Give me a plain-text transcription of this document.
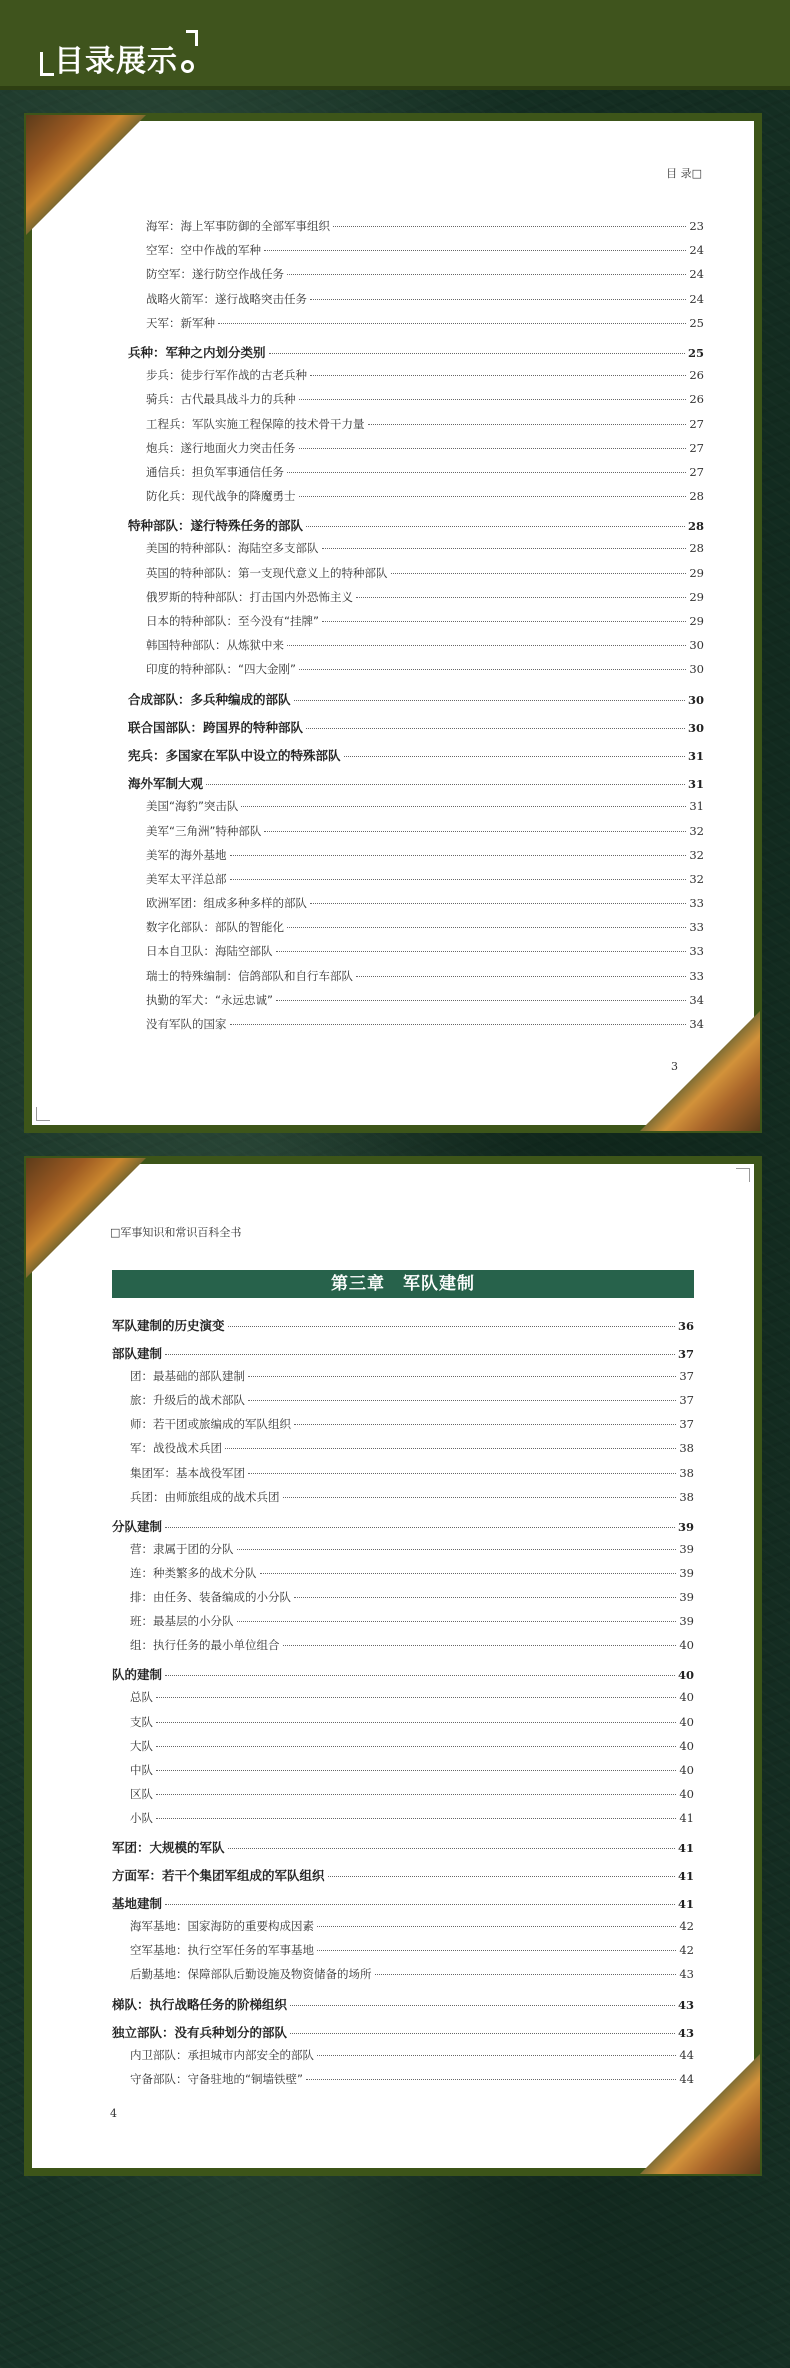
目录展示
目 录□
海军：海上军事防御的全部军事组织	23
空军：空中作战的军种	24
防空军：遂行防空作战任务	24
战略火箭军：遂行战略突击任务	24
天军：新军种	25
兵种：军种之内划分类别	25
步兵：徒步行军作战的古老兵种	26
骑兵：古代最具战斗力的兵种	26
工程兵：军队实施工程保障的技术骨干力量	27
炮兵：遂行地面火力突击任务	27
通信兵：担负军事通信任务	27
防化兵：现代战争的降魔勇士	28
特种部队：遂行特殊任务的部队	28
美国的特种部队：海陆空多支部队	28
英国的特种部队：第一支现代意义上的特种部队	29
俄罗斯的特种部队：打击国内外恐怖主义	29
日本的特种部队：至今没有“挂牌”	29
韩国特种部队：从炼狱中来	30
印度的特种部队：“四大金刚”	30
合成部队：多兵种编成的部队	30
联合国部队：跨国界的特种部队	30
宪兵：多国家在军队中设立的特殊部队	31
海外军制大观	31
美国“海豹”突击队	31
美军“三角洲”特种部队	32
美军的海外基地	32
美军太平洋总部	32
欧洲军团：组成多种多样的部队	33
数字化部队：部队的智能化	33
日本自卫队：海陆空部队	33
瑞士的特殊编制：信鸽部队和自行车部队	33
执勤的军犬：“永远忠诚”	34
没有军队的国家	34
3
□军事知识和常识百科全书
第三章　军队建制
军队建制的历史演变	36
部队建制	37
团：最基础的部队建制	37
旅：升级后的战术部队	37
师：若干团或旅编成的军队组织	37
军：战役战术兵团	38
集团军：基本战役军团	38
兵团：由师旅组成的战术兵团	38
分队建制	39
营：隶属于团的分队	39
连：种类繁多的战术分队	39
排：由任务、装备编成的小分队	39
班：最基层的小分队	39
组：执行任务的最小单位组合	40
队的建制	40
总队	40
支队	40
大队	40
中队	40
区队	40
小队	41
军团：大规模的军队	41
方面军：若干个集团军组成的军队组织	41
基地建制	41
海军基地：国家海防的重要构成因素	42
空军基地：执行空军任务的军事基地	42
后勤基地：保障部队后勤设施及物资储备的场所	43
梯队：执行战略任务的阶梯组织	43
独立部队：没有兵种划分的部队	43
内卫部队：承担城市内部安全的部队	44
守备部队：守备驻地的“铜墙铁壁”	44
4
